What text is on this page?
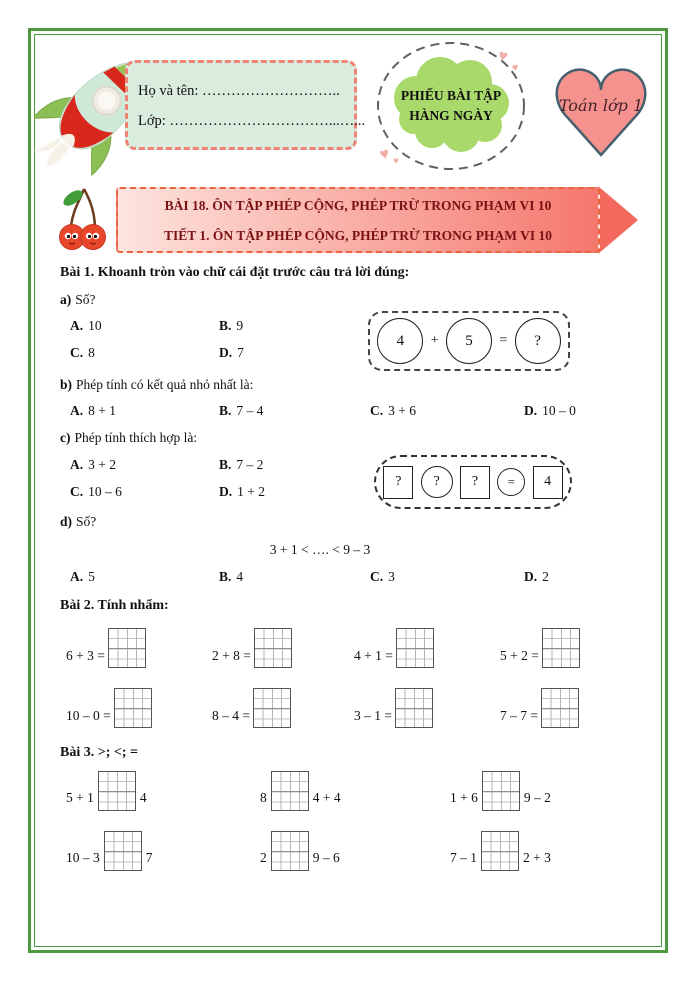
Họ và tên: ………………………..
Lớp: ……………………………...…...
PHIẾU BÀI TẬP
HÀNG NGÀY
♥
♥
♥ ♥
Toán lớp 1
BÀI 18. ÔN TẬP PHÉP CỘNG, PHÉP TRỪ TRONG PHẠM VI 10
TIẾT 1. ÔN TẬP PHÉP CỘNG, PHÉP TRỪ TRONG PHẠM VI 10
Bài 1. Khoanh tròn vào chữ cái đặt trước câu trả lời đúng:
a) Số?
A. 10	B. 9
C. 8	D. 7
4	+	5	=	?
b) Phép tính có kết quả nhỏ nhất là:
A. 8 + 1	B. 7 – 4	C. 3 + 6	D. 10 – 0
c) Phép tính thích hợp là:
A. 3 + 2	B. 7 – 2
C. 10 – 6	D. 1 + 2
?	?	?	=	4
d) Số?
3 + 1 < …. < 9 – 3
A. 5	B. 4	C. 3	D. 2
Bài 2. Tính nhẩm:
6 + 3 =	2 + 8 =	4 + 1 =	5 + 2 =
10 – 0 =	8 – 4 =	3 – 1 =	7 – 7 =
Bài 3. >; <; =
5 + 1	4	8	4 + 4	1 + 6	9 – 2
10 – 3	7	2	9 – 6	7 – 1	2 + 3
